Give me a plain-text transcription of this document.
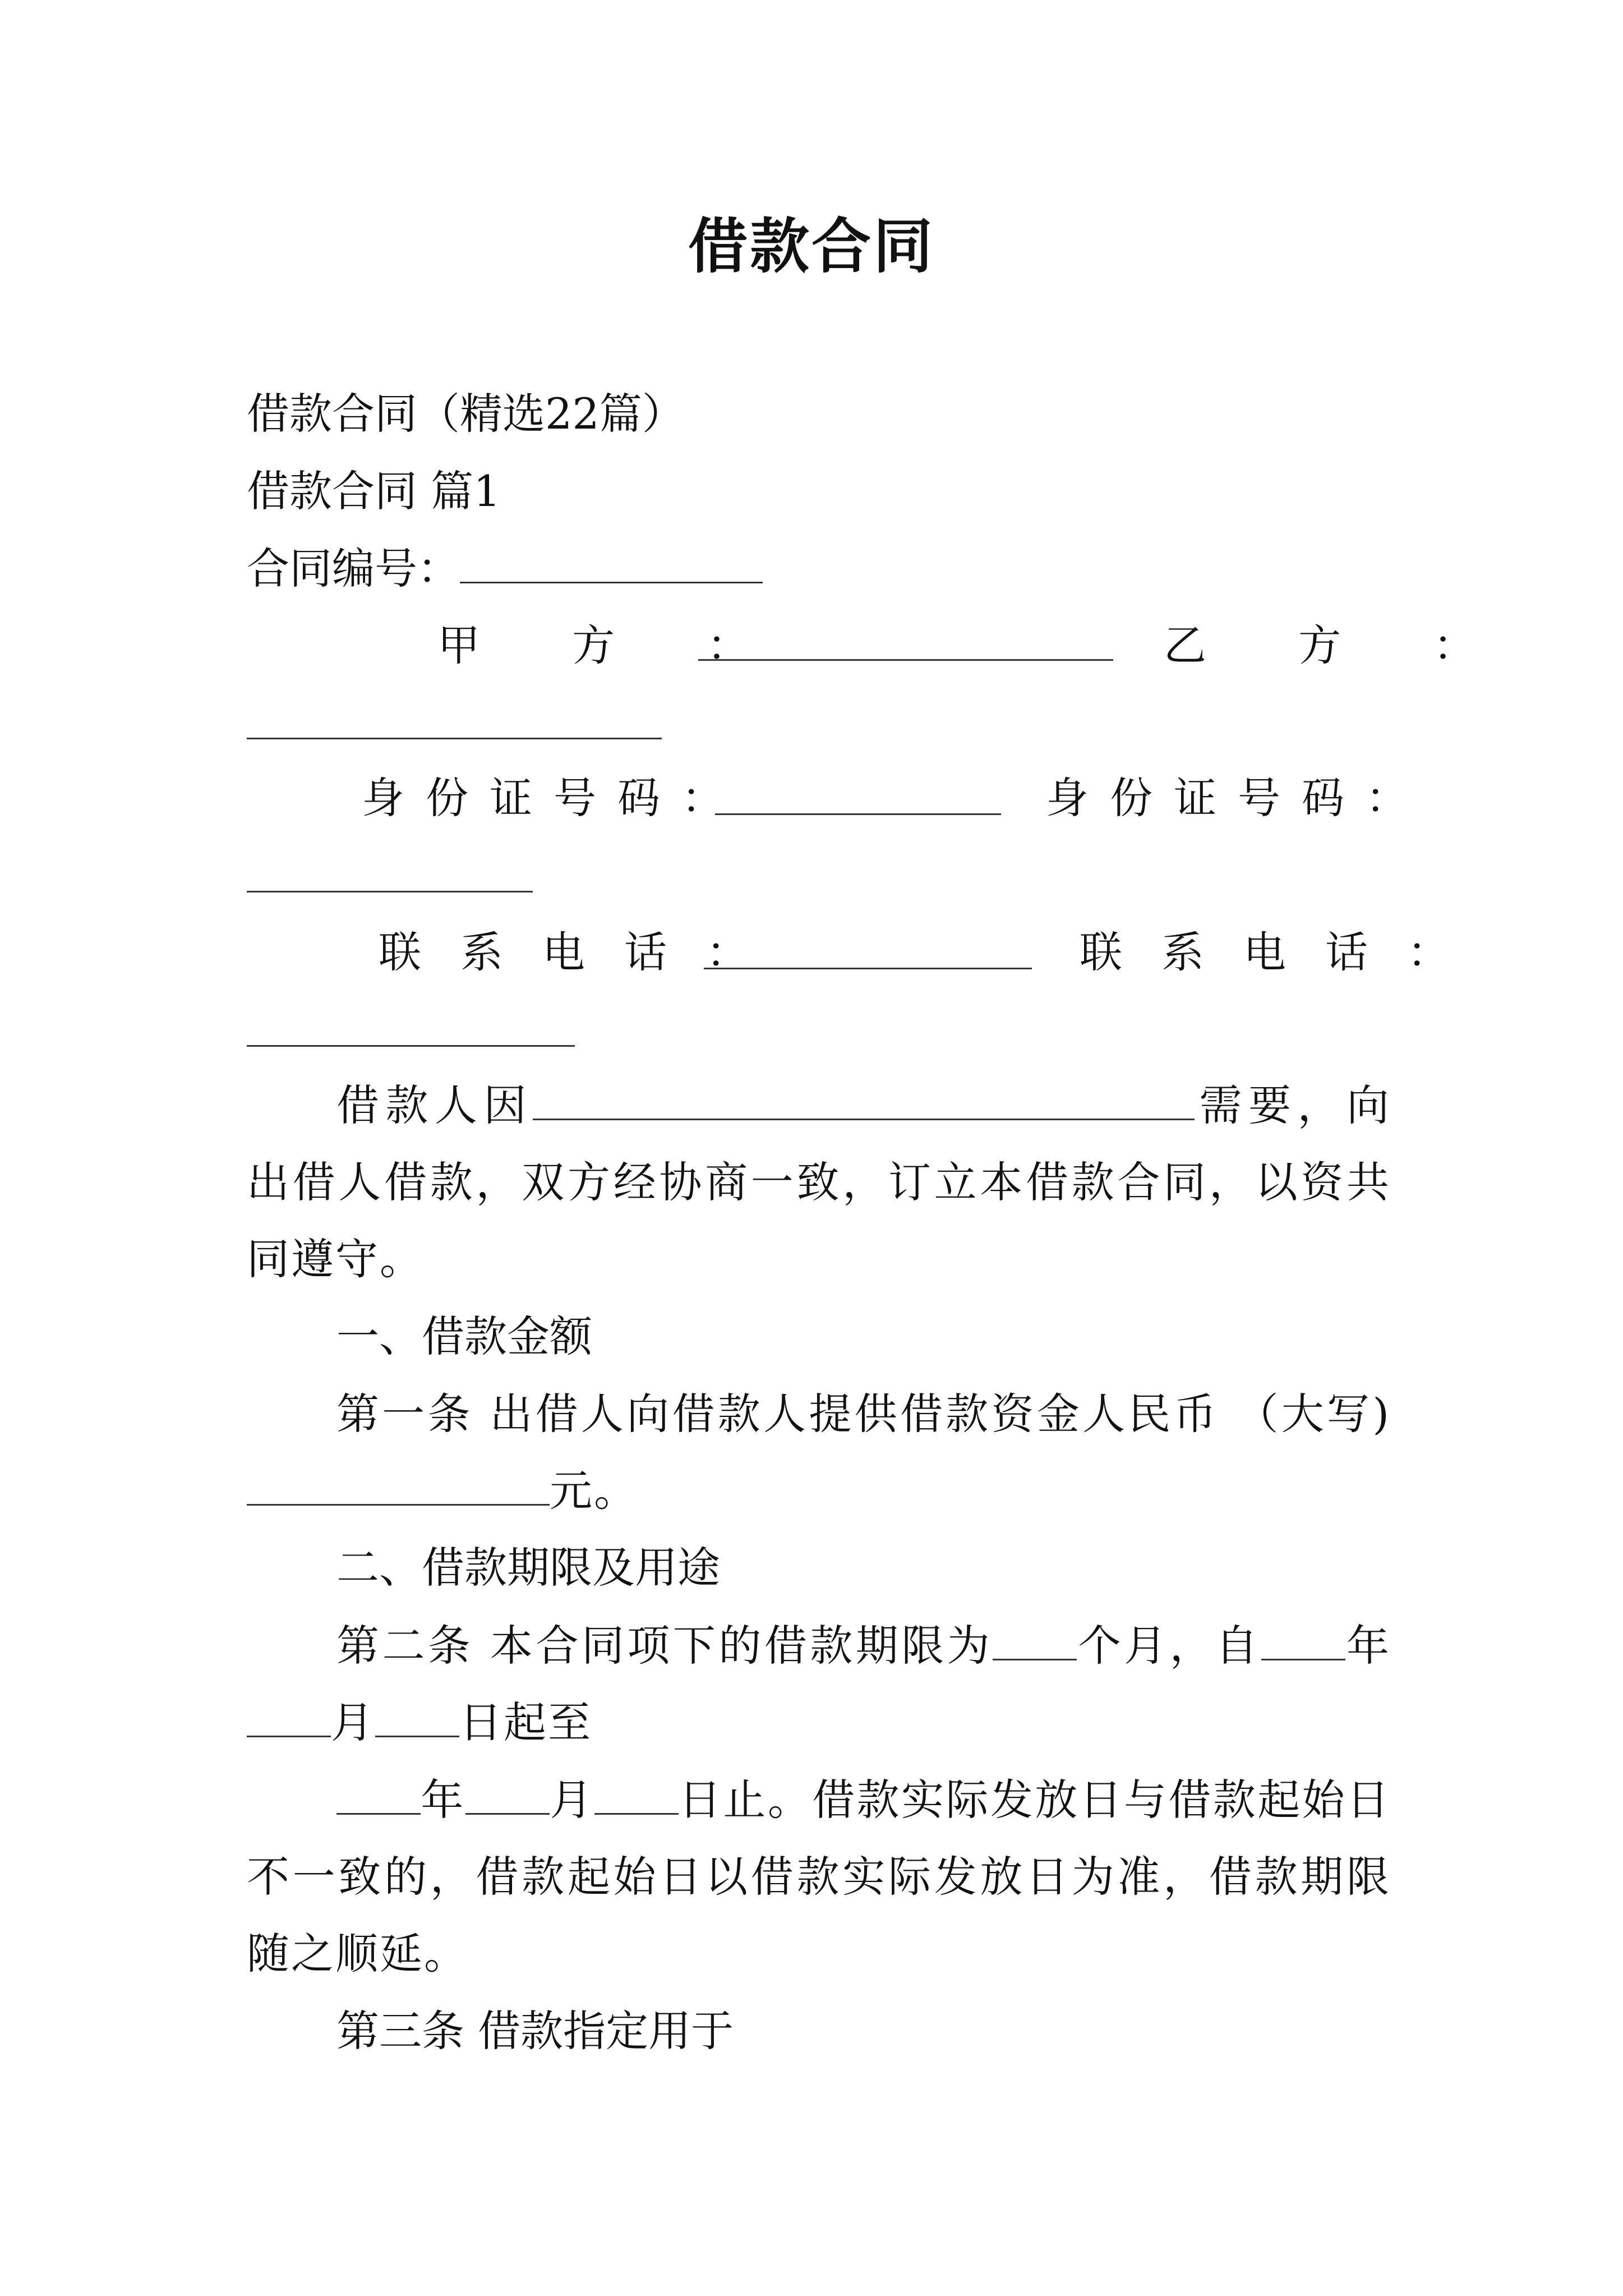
借款合同
借款合同（精选22篇）
借款合同 篇1
合同编号：
甲 方 ：	乙 方 ：
身份证号码：	身份证号码：
联系电话：	联系电话：
借款人因	需要，向出借人借款，双方经协商一致，订立本借款合同，以资共同遵守。
一、借款金额
第一条 出借人向借款人提供借款资金人民币 （大写)元。
二、借款期限及用途
第二条 本合同项下的借款期限为 个月，自 年月 日起至
年 月 日止。借款实际发放日与借款起始日不一致的，借款起始日以借款实际发放日为准，借款期限随之顺延。
第三条 借款指定用于
